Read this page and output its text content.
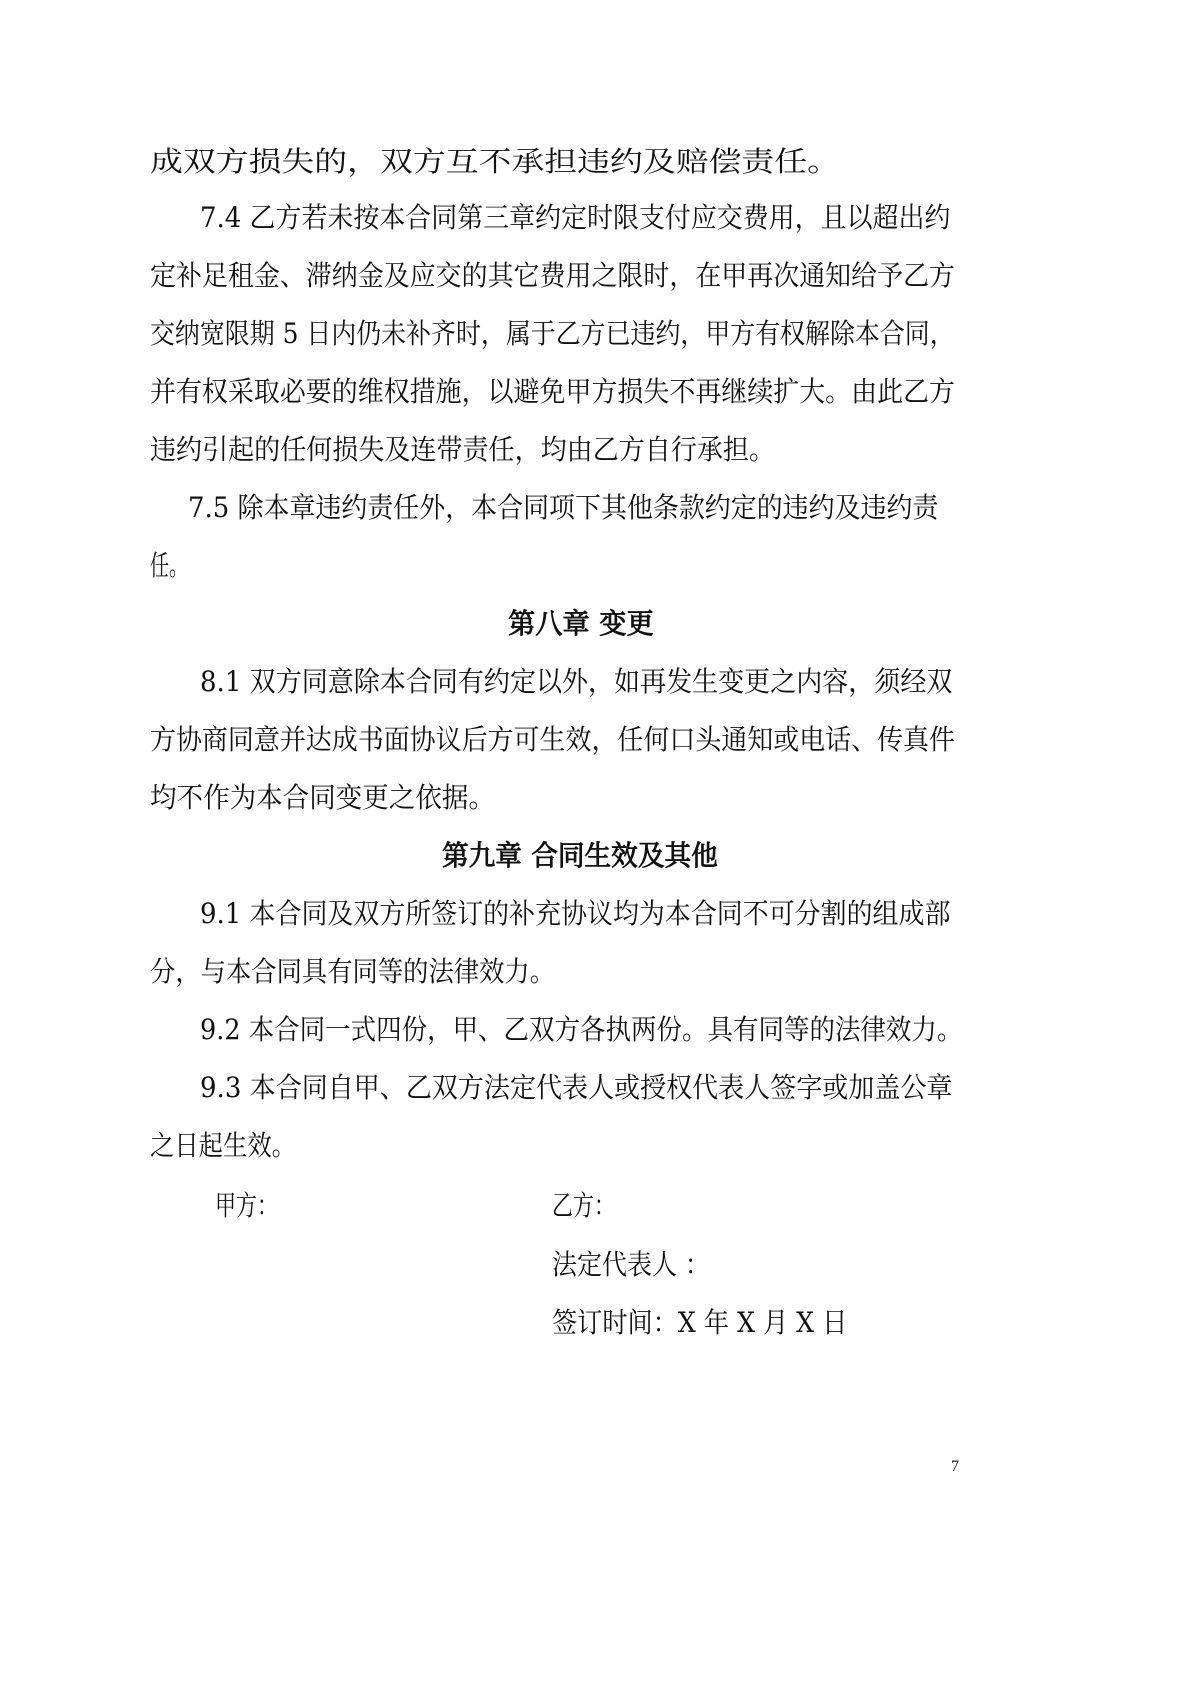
成双方损失的，双方互不承担违约及赔偿责任。

7.4 乙方若未按本合同第三章约定时限支付应交费用，且以超出约

定补足租金、滞纳金及应交的其它费用之限时，在甲再次通知给予乙方

交纳宽限期 5 日内仍未补齐时，属于乙方已违约，甲方有权解除本合同，

并有权采取必要的维权措施，以避免甲方损失不再继续扩大。由此乙方

违约引起的任何损失及连带责任，均由乙方自行承担。

7.5 除本章违约责任外，本合同项下其他条款约定的违约及违约责

任。

第八章 变更

8.1 双方同意除本合同有约定以外，如再发生变更之内容，须经双

方协商同意并达成书面协议后方可生效，任何口头通知或电话、传真件

均不作为本合同变更之依据。

第九章 合同生效及其他

9.1 本合同及双方所签订的补充协议均为本合同不可分割的组成部

分，与本合同具有同等的法律效力。

9.2 本合同一式四份，甲、乙双方各执两份。具有同等的法律效力。

9.3 本合同自甲、乙双方法定代表人或授权代表人签字或加盖公章

之日起生效。

甲方：	乙方：

法定代表人 ：

签订时间：X 年 X 月 X 日

7
